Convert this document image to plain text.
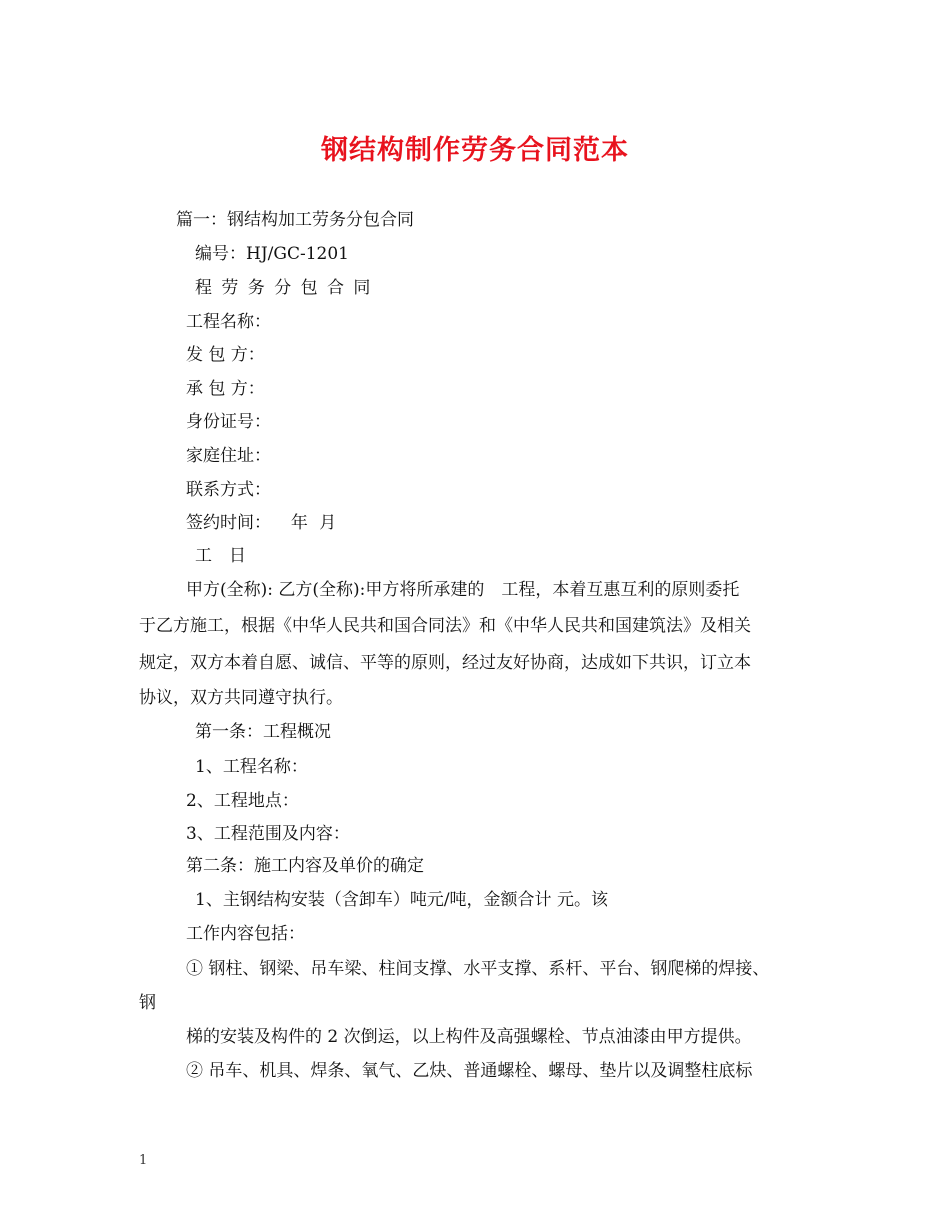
钢结构制作劳务合同范本
篇一：钢结构加工劳务分包合同
编号：HJ/GC-1201
程 劳 务 分 包 合 同
工程名称：
发 包 方：
承 包 方：
身份证号：
家庭住址：
联系方式：
签约时间：　 年 月
工　日
甲方(全称): 乙方(全称):甲方将所承建的　工程，本着互惠互利的原则委托
于乙方施工，根据《中华人民共和国合同法》和《中华人民共和国建筑法》及相关
规定，双方本着自愿、诚信、平等的原则，经过友好协商，达成如下共识，订立本
协议，双方共同遵守执行。
第一条：工程概况
1、工程名称：
2、工程地点：
3、工程范围及内容：
第二条：施工内容及单价的确定
1、主钢结构安装（含卸车）吨元/吨，金额合计 元。该
工作内容包括：
① 钢柱、钢梁、吊车梁、柱间支撑、水平支撑、系杆、平台、钢爬梯的焊接、
钢
梯的安装及构件的 2 次倒运，以上构件及高强螺栓、节点油漆由甲方提供。
② 吊车、机具、焊条、氧气、乙炔、普通螺栓、螺母、垫片以及调整柱底标
1
